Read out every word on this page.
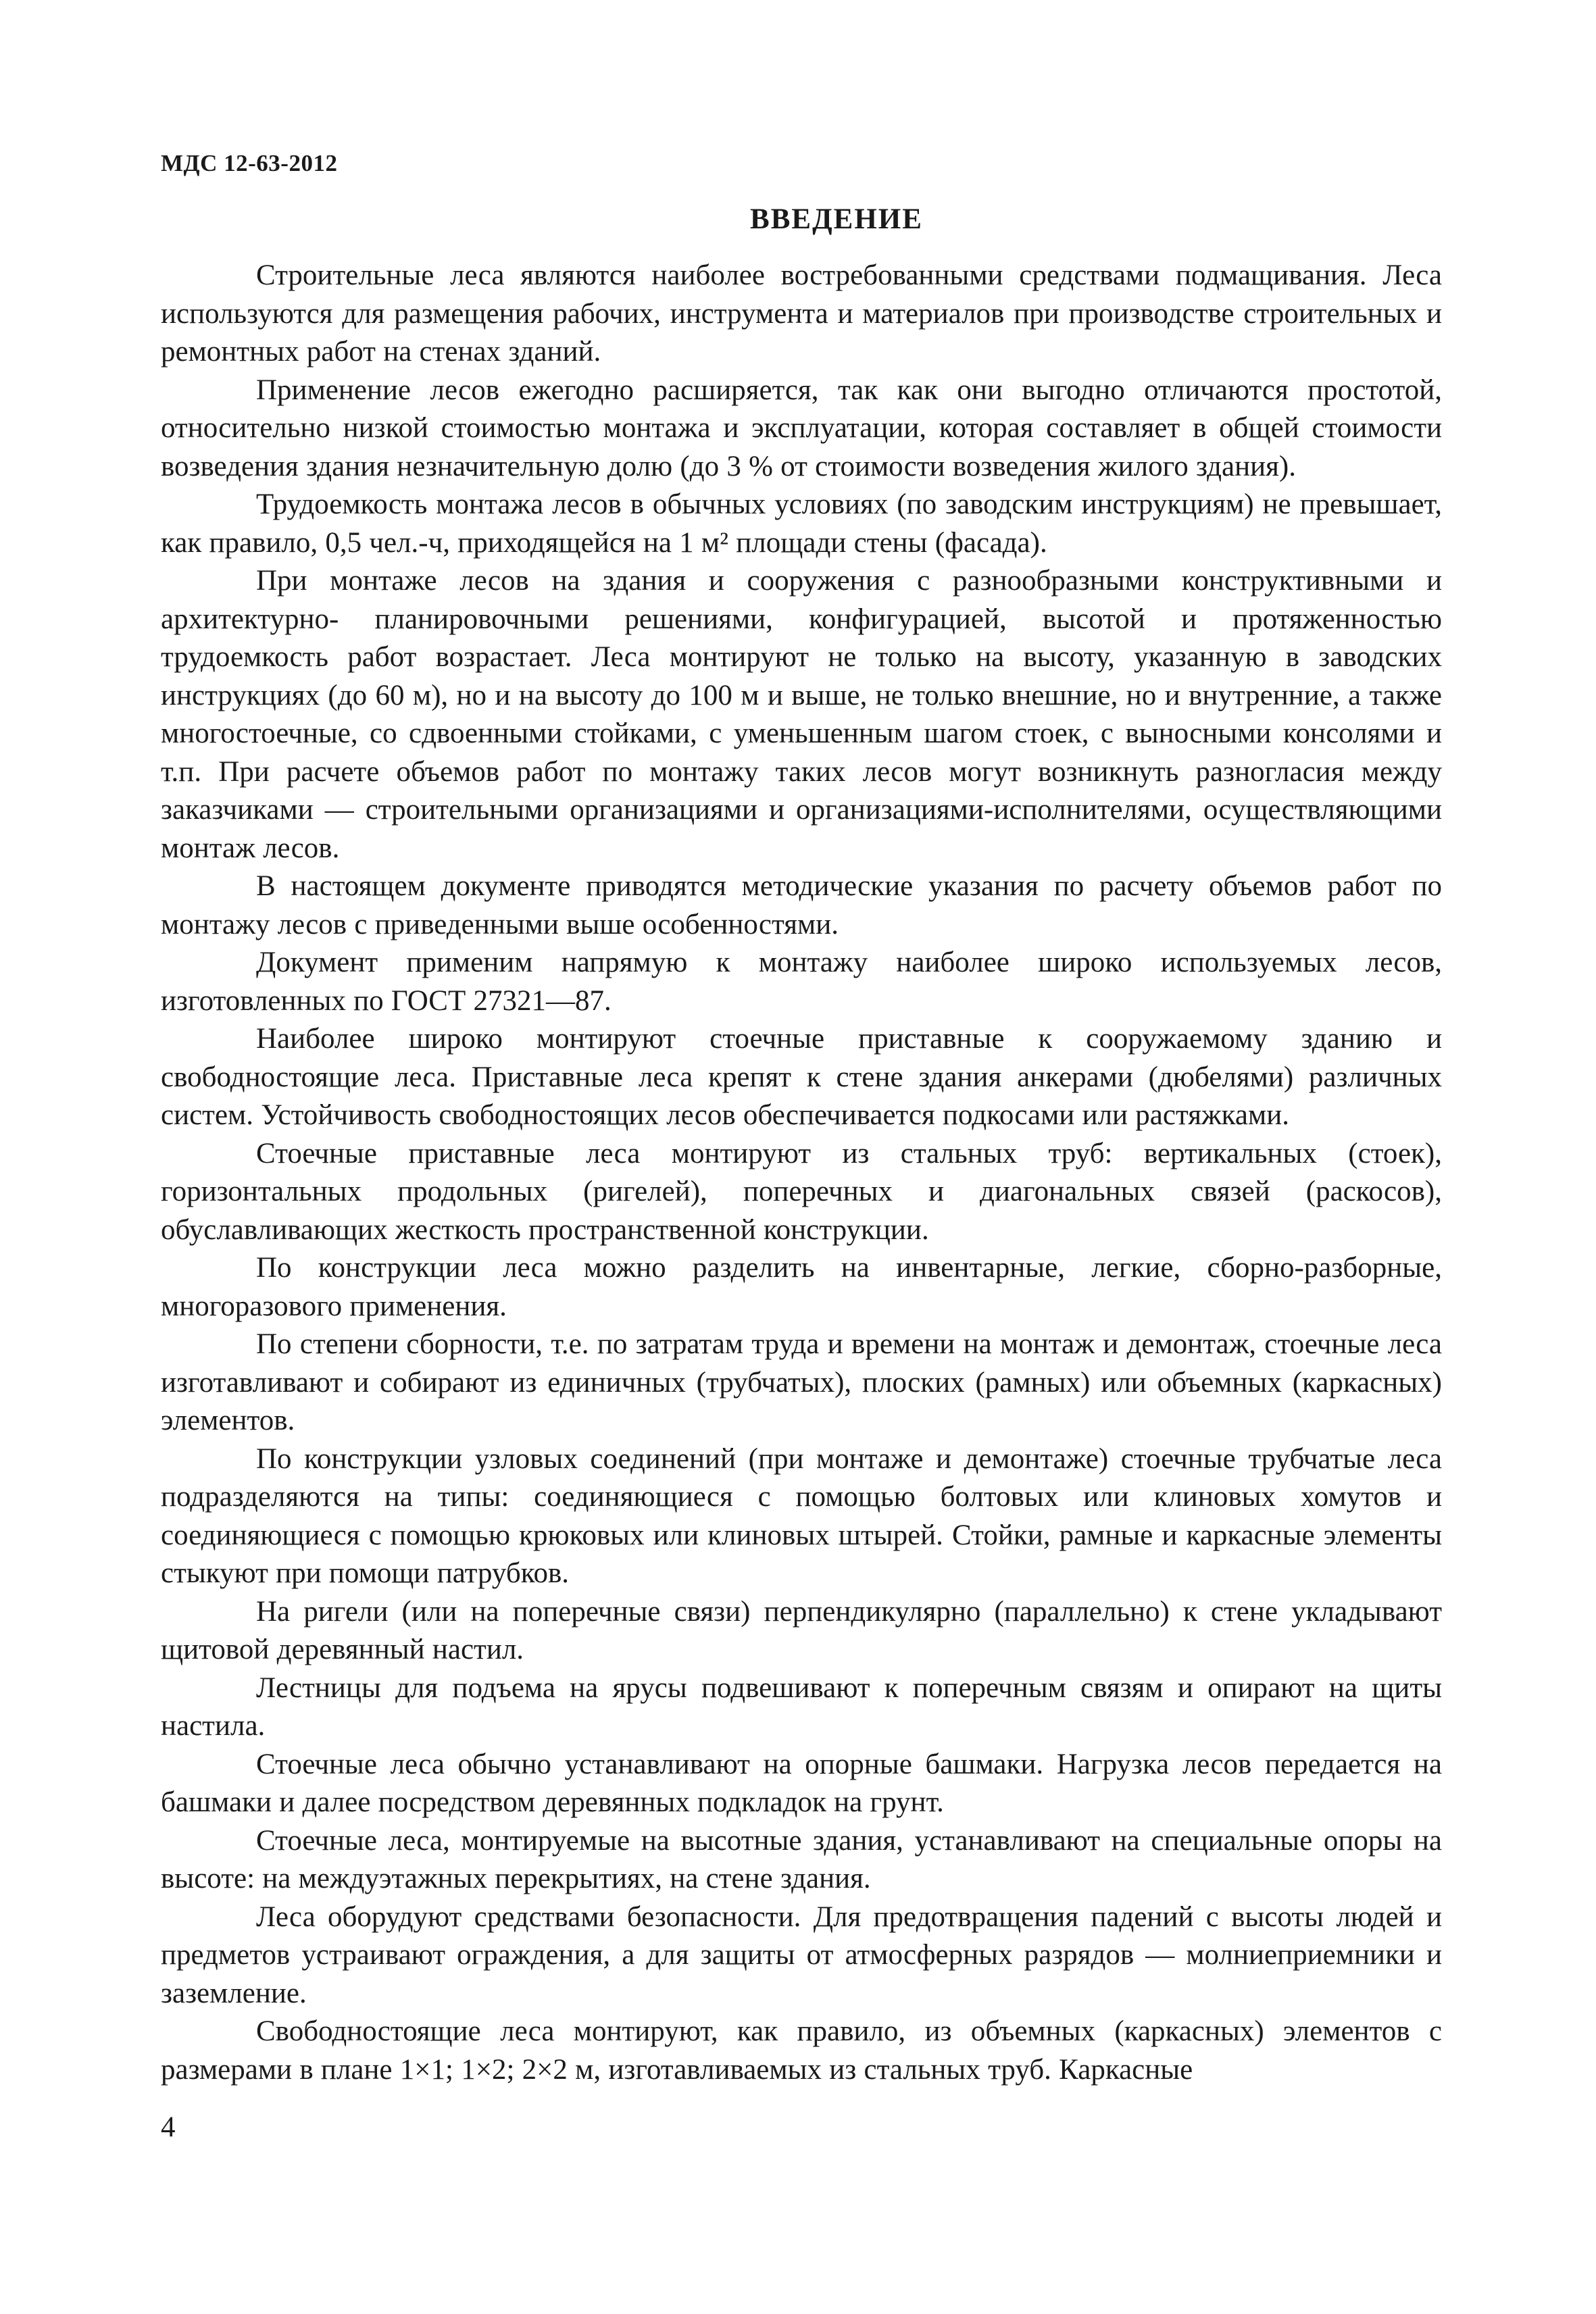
МДС 12-63-2012
ВВЕДЕНИЕ

Строительные леса являются наиболее востребованными средствами подмащивания. Леса используются для размещения рабочих, инструмента и материалов при производстве строительных и ремонтных работ на стенах зданий.

Применение лесов ежегодно расширяется, так как они выгодно отличаются простотой, относительно низкой стоимостью монтажа и эксплуатации, которая составляет в общей стоимости возведения здания незначительную долю (до 3 % от стоимости возведения жилого здания).

Трудоемкость монтажа лесов в обычных условиях (по заводским инструкциям) не превышает, как правило, 0,5 чел.-ч, приходящейся на 1 м² площади стены (фасада).

При монтаже лесов на здания и сооружения с разнообразными конструктивными и архитектурно- планировочными решениями, конфигурацией, высотой и протяженностью трудоемкость работ возрастает. Леса монтируют не только на высоту, указанную в заводских инструкциях (до 60 м), но и на высоту до 100 м и выше, не только внешние, но и внутренние, а также многостоечные, со сдвоенными стойками, с уменьшенным шагом стоек, с выносными консолями и т.п. При расчете объемов работ по монтажу таких лесов могут возникнуть разногласия между заказчиками — строительными организациями и организациями-исполнителями, осуществляющими монтаж лесов.

В настоящем документе приводятся методические указания по расчету объемов работ по монтажу лесов с приведенными выше особенностями.

Документ применим напрямую к монтажу наиболее широко используемых лесов, изготовленных по ГОСТ 27321—87.

Наиболее широко монтируют стоечные приставные к сооружаемому зданию и свободностоящие леса. Приставные леса крепят к стене здания анкерами (дюбелями) различных систем. Устойчивость свободностоящих лесов обеспечивается подкосами или растяжками.

Стоечные приставные леса монтируют из стальных труб: вертикальных (стоек), горизонтальных продольных (ригелей), поперечных и диагональных связей (раскосов), обуславливающих жесткость пространственной конструкции.

По конструкции леса можно разделить на инвентарные, легкие, сборно-разборные, многоразового применения.

По степени сборности, т.е. по затратам труда и времени на монтаж и демонтаж, стоечные леса изготавливают и собирают из единичных (трубчатых), плоских (рамных) или объемных (каркасных) элементов.

По конструкции узловых соединений (при монтаже и демонтаже) стоечные трубчатые леса подразделяются на типы: соединяющиеся с помощью болтовых или клиновых хомутов и соединяющиеся с помощью крюковых или клиновых штырей. Стойки, рамные и каркасные элементы стыкуют при помощи патрубков.

На ригели (или на поперечные связи) перпендикулярно (параллельно) к стене укладывают щитовой деревянный настил.

Лестницы для подъема на ярусы подвешивают к поперечным связям и опирают на щиты настила.

Стоечные леса обычно устанавливают на опорные башмаки. Нагрузка лесов передается на башмаки и далее посредством деревянных подкладок на грунт.

Стоечные леса, монтируемые на высотные здания, устанавливают на специальные опоры на высоте: на междуэтажных перекрытиях, на стене здания.

Леса оборудуют средствами безопасности. Для предотвращения падений с высоты людей и предметов устраивают ограждения, а для защиты от атмосферных разрядов — молниеприемники и заземление.

Свободностоящие леса монтируют, как правило, из объемных (каркасных) элементов с размерами в плане 1×1; 1×2; 2×2 м, изготавливаемых из стальных труб. Каркасные

4
